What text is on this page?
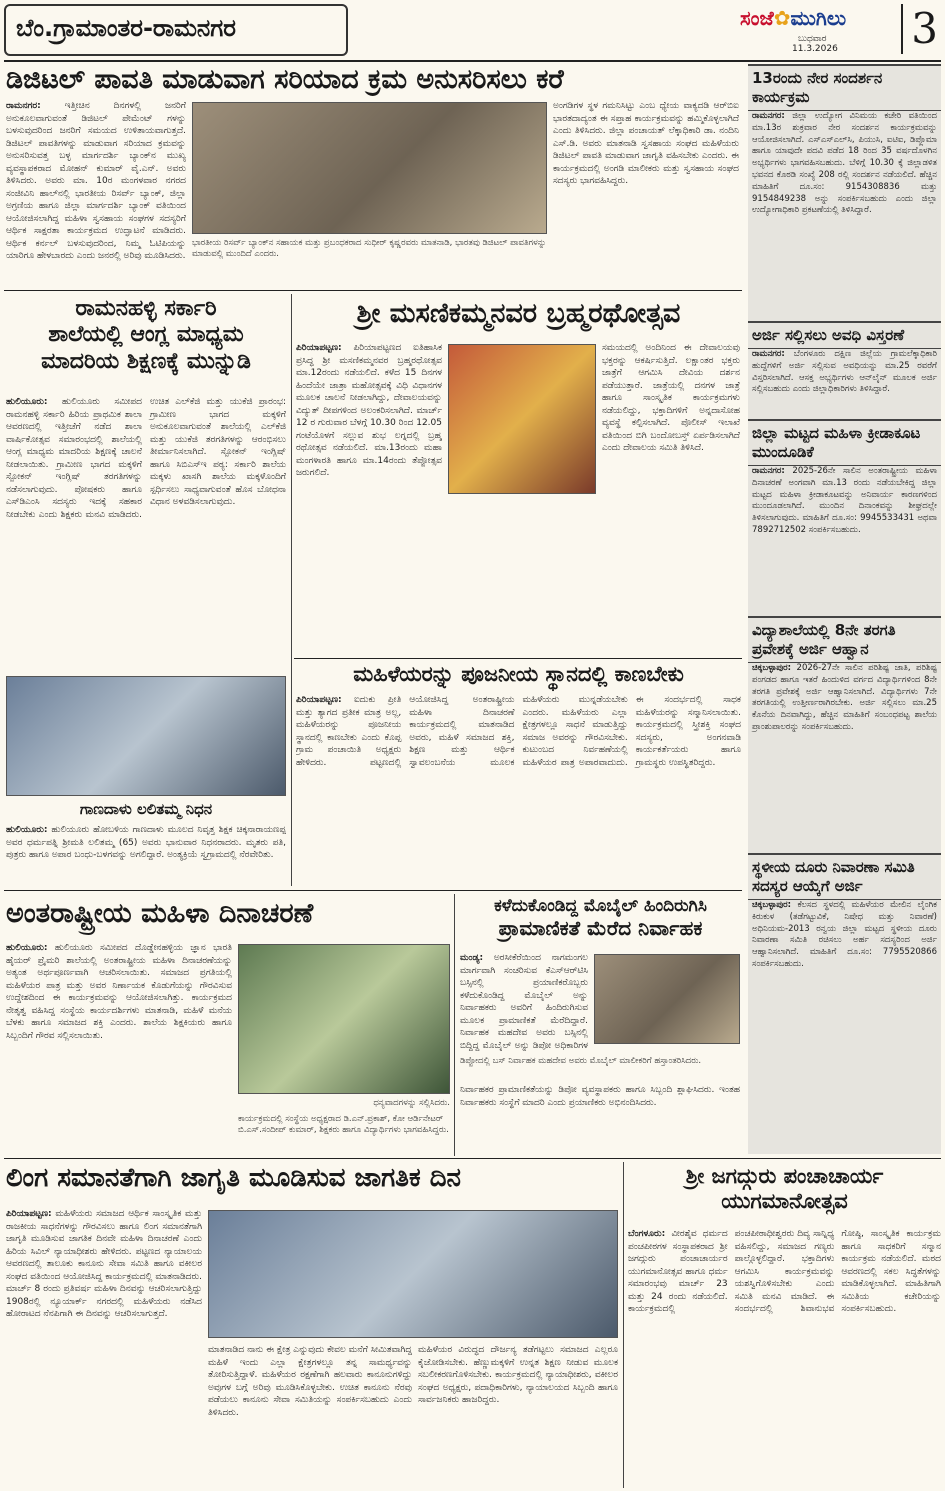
ಬೆಂ.ಗ್ರಾಮಾಂತರ-ರಾಮನಗರ	ಸಂಜೆ✿ಮುಗಿಲು
ಬುಧವಾರ
11.3.2026 3
ಡಿಜಿಟಲ್ ಪಾವತಿ ಮಾಡುವಾಗ ಸರಿಯಾದ ಕ್ರಮ ಅನುಸರಿಸಲು ಕರೆ
ರಾಮನಗರ:	ಇತ್ತೀಚಿನ ದಿನಗಳಲ್ಲಿ ಜನರಿಗೆ ಅನುಕೂಲವಾಗುವಂತೆ ಡಿಜಿಟಲ್ ಪೇಮೆಂಟ್ ಗಳನ್ನು ಬಳಸುವುದರಿಂದ ಜನರಿಗೆ ಸಮಯದ ಉಳಿತಾಯವಾಗುತ್ತದೆ. ಡಿಜಿಟಲ್ ಪಾವತಿಗಳನ್ನು ಮಾಡುವಾಗ ಸರಿಯಾದ ಕ್ರಮವನ್ನು ಅನುಸರಿಸುವತ್ತ ಬಳ್ಳ ಮಾರ್ಗದರ್ಶಿ ಬ್ಯಾಂಕ್‌ನ ಮುಖ್ಯ ವ್ಯವಸ್ಥಾಪಕರಾದ ಮೋಹನ್ ಕುಮಾರ್ ವೈ.ಎನ್. ಅವರು ತಿಳಿಸಿದರು. ಅವರು ಮಾ. 10ರ ಮಂಗಳವಾರ ನಗರದ ಸಂಜೀವಿನಿ ಹಾಲ್‌ನಲ್ಲಿ ಭಾರತೀಯ ರಿಸರ್ವ್ ಬ್ಯಾಂಕ್, ಜಿಲ್ಲಾ ಅಗ್ರಣಿಯ ಹಾಗೂ ಜಿಲ್ಲಾ ಮಾರ್ಗದರ್ಶಿ ಬ್ಯಾಂಕ್ ವತಿಯಿಂದ ಆಯೋಜಿಸಲಾಗಿದ್ದ ಮಹಿಳಾ ಸ್ವಸಹಾಯ ಸಂಘಗಳ ಸದಸ್ಯರಿಗೆ ಆರ್ಥಿಕ ಸಾಕ್ಷರತಾ ಕಾರ್ಯಕ್ರಮದ ಉದ್ಘಾಟನೆ ಮಾಡಿದರು. ಆರ್ಥಿಕ ಕರ್ನಲ್ ಬಳಸುವುದರಿಂದ, ನಿಮ್ಮ ಓಟಿಪಿಯನ್ನು ಯಾರಿಗೂ ಹೇಳಬಾರದು ಎಂದು ಜನರಲ್ಲಿ ಅರಿವು ಮೂಡಿಸಿದರು.
ಭಾರತೀಯ ರಿಸರ್ವ್ ಬ್ಯಾಂಕ್‌ನ ಸಹಾಯಕ ಮತ್ತು ಪ್ರಬಂಧಕರಾದ ಸುಧೀರ್ ಕೃಷ್ಣರವರು ಮಾತನಾಡಿ, ಭಾರತವು ಡಿಜಿಟಲ್ ಪಾವತಿಗಳನ್ನು ಮಾಡುವಲ್ಲಿ ಮುಂದಿದೆ ಎಂದರು.
ಅಂಗಡಿಗಳ ಸ್ಥಳ ಗಮನಿಸಿಟ್ಟು ಎಂಬ ಧ್ಯೇಯ ವಾಕ್ಯದಡಿ ಆರ್‌ಬಿಐ ಭಾರತದಾದ್ಯಂತ ಈ ಸಪ್ತಾಹ ಕಾರ್ಯಕ್ರಮವನ್ನು ಹಮ್ಮಿಕೊಳ್ಳಲಾಗಿದೆ ಎಂದು ತಿಳಿಸಿದರು. ಜಿಲ್ಲಾ ಪಂಚಾಯತ್ ಲೆಕ್ಕಾಧಿಕಾರಿ ಡಾ. ನಂದಿನಿ ಎಸ್.ಡಿ. ಅವರು ಮಾತನಾಡಿ ಸ್ವಸಹಾಯ ಸಂಘದ ಮಹಿಳೆಯರು ಡಿಜಿಟಲ್ ಪಾವತಿ ಮಾಡುವಾಗ ಜಾಗೃತಿ ವಹಿಸಬೇಕು ಎಂದರು. ಈ ಕಾರ್ಯಕ್ರಮದಲ್ಲಿ ಅಂಗಡಿ ಮಾಲೀಕರು ಮತ್ತು ಸ್ವಸಹಾಯ ಸಂಘದ ಸದಸ್ಯರು ಭಾಗವಹಿಸಿದ್ದರು.
ರಾಮನಹಳ್ಳಿ ಸರ್ಕಾರಿ
ಶಾಲೆಯಲ್ಲಿ ಆಂಗ್ಲ ಮಾಧ್ಯಮ
ಮಾದರಿಯ ಶಿಕ್ಷಣಕ್ಕೆ ಮುನ್ನುಡಿ
ಹುಲಿಯೂರು: ಹುಲಿಯೂರು ಸಮೀಪದ ರಾಮನಹಳ್ಳಿ ಸರ್ಕಾರಿ ಹಿರಿಯ ಪ್ರಾಥಮಿಕ ಶಾಲಾ ಆವರಣದಲ್ಲಿ ಇತ್ತೀಚೆಗೆ ನಡೆದ ಶಾಲಾ ವಾರ್ಷಿಕೋತ್ಸವ ಸಮಾರಂಭದಲ್ಲಿ ಶಾಲೆಯಲ್ಲಿ ಆಂಗ್ಲ ಮಾಧ್ಯಮ ಮಾದರಿಯ ಶಿಕ್ಷಣಕ್ಕೆ ಚಾಲನೆ ನೀಡಲಾಯಿತು. ಗ್ರಾಮೀಣ ಭಾಗದ ಮಕ್ಕಳಿಗೆ ಸ್ಪೋಕನ್ ಇಂಗ್ಲಿಷ್ ತರಗತಿಗಳನ್ನು ನಡೆಸಲಾಗುವುದು. ಪೋಷಕರು ಹಾಗೂ ಎಸ್‌ಡಿಎಂಸಿ ಸದಸ್ಯರು ಇದಕ್ಕೆ ಸಹಕಾರ ನೀಡಬೇಕು ಎಂದು ಶಿಕ್ಷಕರು ಮನವಿ ಮಾಡಿದರು. ಉಚಿತ ಎಲ್‌ಕೆಜಿ ಮತ್ತು ಯುಕೆಜಿ ಪ್ರಾರಂಭ: ಗ್ರಾಮೀಣ ಭಾಗದ ಮಕ್ಕಳಿಗೆ ಅನುಕೂಲವಾಗುವಂತೆ ಶಾಲೆಯಲ್ಲಿ ಎಲ್‌ಕೆಜಿ ಮತ್ತು ಯುಕೆಜಿ ತರಗತಿಗಳನ್ನು ಆರಂಭಿಸಲು ತೀರ್ಮಾನಿಸಲಾಗಿದೆ. ಸ್ಪೋಕನ್ ಇಂಗ್ಲಿಷ್ ಹಾಗೂ ಸಿಬಿಎಸ್‌ಇ ಪಠ್ಯ: ಸರ್ಕಾರಿ ಶಾಲೆಯ ಮಕ್ಕಳು ಖಾಸಗಿ ಶಾಲೆಯ ಮಕ್ಕಳೊಂದಿಗೆ ಸ್ಪರ್ಧಿಸಲು ಸಾಧ್ಯವಾಗುವಂತೆ ಹೊಸ ಬೋಧನಾ ವಿಧಾನ ಅಳವಡಿಸಲಾಗುವುದು.
ಗಾಣದಾಳು ಲಲಿತಮ್ಮ ನಿಧನ
ಹುಲಿಯೂರು: ಹುಲಿಯೂರು ಹೋಬಳಿಯ ಗಾಣದಾಳು ಮೂಲದ ನಿವೃತ್ತ ಶಿಕ್ಷಕ ಚಿಕ್ಕನಾರಾಯಣಪ್ಪ ಅವರ ಧರ್ಮಪತ್ನಿ ಶ್ರೀಮತಿ ಲಲಿತಮ್ಮ (65) ಅವರು ಭಾನುವಾರ ನಿಧನರಾದರು. ಮೃತರು ಪತಿ, ಪುತ್ರರು ಹಾಗೂ ಅಪಾರ ಬಂಧು-ಬಳಗವನ್ನು ಅಗಲಿದ್ದಾರೆ. ಅಂತ್ಯಕ್ರಿಯೆ ಸ್ವಗ್ರಾಮದಲ್ಲಿ ನೆರವೇರಿತು.
ಶ್ರೀ ಮಸಣಿಕಮ್ಮನವರ ಬ್ರಹ್ಮರಥೋತ್ಸವ
ಪಿರಿಯಾಪಟ್ಟಣ: ಪಿರಿಯಾಪಟ್ಟಣದ ಐತಿಹಾಸಿಕ ಪ್ರಸಿದ್ಧ ಶ್ರೀ ಮಸಣಿಕಮ್ಮನವರ ಬ್ರಹ್ಮರಥೋತ್ಸವ ಮಾ.12ರಂದು ನಡೆಯಲಿದೆ. ಕಳೆದ 15 ದಿನಗಳ ಹಿಂದೆಯೇ ಜಾತ್ರಾ ಮಹೋತ್ಸವಕ್ಕೆ ವಿಧಿ ವಿಧಾನಗಳ ಮೂಲಕ ಚಾಲನೆ ನೀಡಲಾಗಿದ್ದು, ದೇವಾಲಯವನ್ನು ವಿದ್ಯುತ್ ದೀಪಗಳಿಂದ ಅಲಂಕರಿಸಲಾಗಿದೆ. ಮಾರ್ಚ್ 12 ರ ಗುರುವಾರ ಬೆಳಗ್ಗೆ 10.30 ರಿಂದ 12.05 ಗಂಟೆಯೊಳಗೆ ಸಲ್ಲುವ ಶುಭ ಲಗ್ನದಲ್ಲಿ ಬ್ರಹ್ಮ ರಥೋತ್ಸವ ನಡೆಯಲಿದೆ. ಮಾ.13ರಂದು ಮಹಾ ಮಂಗಳಾರತಿ ಹಾಗೂ ಮಾ.14ರಂದು ತೆಪ್ಪೋತ್ಸವ ಜರುಗಲಿದೆ.
ಸಮಯದಲ್ಲಿ ಅಂದಿನಿಂದ ಈ ದೇವಾಲಯವು ಭಕ್ತರನ್ನು ಆಕರ್ಷಿಸುತ್ತಿದೆ. ಲಕ್ಷಾಂತರ ಭಕ್ತರು ಜಾತ್ರೆಗೆ ಆಗಮಿಸಿ ದೇವಿಯ ದರ್ಶನ ಪಡೆಯುತ್ತಾರೆ. ಜಾತ್ರೆಯಲ್ಲಿ ದನಗಳ ಜಾತ್ರೆ ಹಾಗೂ ಸಾಂಸ್ಕೃತಿಕ ಕಾರ್ಯಕ್ರಮಗಳು ನಡೆಯಲಿದ್ದು, ಭಕ್ತಾದಿಗಳಿಗೆ ಅನ್ನದಾಸೋಹ ವ್ಯವಸ್ಥೆ ಕಲ್ಪಿಸಲಾಗಿದೆ. ಪೊಲೀಸ್ ಇಲಾಖೆ ವತಿಯಿಂದ ಬಿಗಿ ಬಂದೋಬಸ್ತ್ ಏರ್ಪಡಿಸಲಾಗಿದೆ ಎಂದು ದೇವಾಲಯ ಸಮಿತಿ ತಿಳಿಸಿದೆ.
ಮಹಿಳೆಯರನ್ನು ಪೂಜನೀಯ ಸ್ಥಾನದಲ್ಲಿ ಕಾಣಬೇಕು
ಪಿರಿಯಾಪಟ್ಟಣ: ಐದುಕು ಪ್ರೀತಿ ಮತ್ತು ತ್ಯಾಗದ ಪ್ರತೀಕ ಮಾತ್ರ ಅಲ್ಲ, ಮಹಿಳೆಯರನ್ನು ಪೂಜನೀಯ ಸ್ಥಾನದಲ್ಲಿ ಕಾಣಬೇಕು ಎಂದು ಕೊಪ್ಪ ಗ್ರಾಮ ಪಂಚಾಯಿತಿ ಅಧ್ಯಕ್ಷರು ಹೇಳಿದರು. ಪಟ್ಟಣದಲ್ಲಿ ಆಯೋಜಿಸಿದ್ದ ಅಂತರಾಷ್ಟ್ರೀಯ ಮಹಿಳಾ ದಿನಾಚರಣೆ ಕಾರ್ಯಕ್ರಮದಲ್ಲಿ ಮಾತನಾಡಿದ ಅವರು, ಮಹಿಳೆ ಸಮಾಜದ ಶಕ್ತಿ, ಶಿಕ್ಷಣ ಮತ್ತು ಆರ್ಥಿಕ ಸ್ವಾವಲಂಬನೆಯ ಮೂಲಕ ಮಹಿಳೆಯರು ಮುನ್ನಡೆಯಬೇಕು ಎಂದರು. ಮಹಿಳೆಯರು ಎಲ್ಲಾ ಕ್ಷೇತ್ರಗಳಲ್ಲೂ ಸಾಧನೆ ಮಾಡುತ್ತಿದ್ದು ಸಮಾಜ ಅವರನ್ನು ಗೌರವಿಸಬೇಕು. ಕುಟುಂಬದ ನಿರ್ವಹಣೆಯಲ್ಲಿ ಮಹಿಳೆಯರ ಪಾತ್ರ ಅಪಾರವಾದುದು. ಈ ಸಂದರ್ಭದಲ್ಲಿ ಸಾಧಕ ಮಹಿಳೆಯರನ್ನು ಸನ್ಮಾನಿಸಲಾಯಿತು. ಕಾರ್ಯಕ್ರಮದಲ್ಲಿ ಸ್ತ್ರೀಶಕ್ತಿ ಸಂಘದ ಸದಸ್ಯರು, ಅಂಗನವಾಡಿ ಕಾರ್ಯಕರ್ತೆಯರು ಹಾಗೂ ಗ್ರಾಮಸ್ಥರು ಉಪಸ್ಥಿತರಿದ್ದರು.
ಅಂತರಾಷ್ಟ್ರೀಯ ಮಹಿಳಾ ದಿನಾಚರಣೆ
ಹುಲಿಯೂರು: ಹುಲಿಯೂರು ಸಮೀಪದ ದೊಡ್ಡೇನಹಳ್ಳಿಯ ಜ್ಞಾನ ಭಾರತಿ ಹೈಯರ್ ಪ್ರೈಮರಿ ಶಾಲೆಯಲ್ಲಿ ಅಂತರಾಷ್ಟ್ರೀಯ ಮಹಿಳಾ ದಿನಾಚರಣೆಯನ್ನು ಅತ್ಯಂತ ಅರ್ಥಪೂರ್ಣವಾಗಿ ಆಚರಿಸಲಾಯಿತು. ಸಮಾಜದ ಪ್ರಗತಿಯಲ್ಲಿ ಮಹಿಳೆಯರ ಪಾತ್ರ ಮತ್ತು ಅವರ ನಿರ್ಣಾಯಕ ಕೊಡುಗೆಯನ್ನು ಗೌರವಿಸುವ ಉದ್ದೇಶದಿಂದ ಈ ಕಾರ್ಯಕ್ರಮವನ್ನು ಆಯೋಜಿಸಲಾಗಿತ್ತು. ಕಾರ್ಯಕ್ರಮದ ನೇತೃತ್ವ ವಹಿಸಿದ್ದ ಸಂಸ್ಥೆಯ ಕಾರ್ಯದರ್ಶಿಗಳು ಮಾತನಾಡಿ, ಮಹಿಳೆ ಮನೆಯ ಬೆಳಕು ಹಾಗೂ ಸಮಾಜದ ಶಕ್ತಿ ಎಂದರು. ಶಾಲೆಯ ಶಿಕ್ಷಕಿಯರು ಹಾಗೂ ಸಿಬ್ಬಂದಿಗೆ ಗೌರವ ಸಲ್ಲಿಸಲಾಯಿತು.
ಧನ್ಯವಾದಗಳನ್ನು ಸಲ್ಲಿಸಿದರು.
ಕಾರ್ಯಕ್ರಮದಲ್ಲಿ ಸಂಸ್ಥೆಯ ಅಧ್ಯಕ್ಷರಾದ ಡಿ.ಎನ್.ಪ್ರಕಾಶ್, ಕೋ ಆರ್ಡಿನೇಟರ್ ಬಿ.ಎಸ್.ಸಂದೀಪ್ ಕುಮಾರ್, ಶಿಕ್ಷಕರು ಹಾಗೂ ವಿದ್ಯಾರ್ಥಿಗಳು ಭಾಗವಹಿಸಿದ್ದರು.
ಕಳೆದುಕೊಂಡಿದ್ದ ಮೊಬೈಲ್ ಹಿಂದಿರುಗಿಸಿ
ಪ್ರಾಮಾಣಿಕತೆ ಮೆರೆದ ನಿರ್ವಾಹಕ
ಮಂಡ್ಯ: ಅರಸೀಕೆರೆಯಿಂದ ನಾಗಮಂಗಲ ಮಾರ್ಗವಾಗಿ ಸಂಚರಿಸುವ ಕೆಎಸ್‌ಆರ್‌ಟಿಸಿ ಬಸ್ಸಿನಲ್ಲಿ ಪ್ರಯಾಣಿಕರೊಬ್ಬರು ಕಳೆದುಕೊಂಡಿದ್ದ ಮೊಬೈಲ್ ಅನ್ನು ನಿರ್ವಾಹಕರು ಅವರಿಗೆ ಹಿಂದಿರುಗಿಸುವ ಮೂಲಕ ಪ್ರಾಮಾಣಿಕತೆ ಮೆರೆದಿದ್ದಾರೆ. ನಿರ್ವಾಹಕ ಮಹದೇವ ಅವರು ಬಸ್ಸಿನಲ್ಲಿ ಬಿದ್ದಿದ್ದ ಮೊಬೈಲ್ ಅನ್ನು ಡಿಪೋ ಅಧಿಕಾರಿಗಳ
ಡಿಪ್ಪೋದಲ್ಲಿ ಬಸ್ ನಿರ್ವಾಹಕ ಮಹದೇವ ಅವರು ಮೊಬೈಲ್ ಮಾಲೀಕರಿಗೆ ಹಸ್ತಾಂತರಿಸಿದರು.
ನಿರ್ವಾಹಕರ ಪ್ರಾಮಾಣಿಕತೆಯನ್ನು ಡಿಪೋ ವ್ಯವಸ್ಥಾಪಕರು ಹಾಗೂ ಸಿಬ್ಬಂದಿ ಶ್ಲಾಘಿಸಿದರು. ಇಂತಹ ನಿರ್ವಾಹಕರು ಸಂಸ್ಥೆಗೆ ಮಾದರಿ ಎಂದು ಪ್ರಯಾಣಿಕರು ಅಭಿನಂದಿಸಿದರು.
13ರಂದು ನೇರ ಸಂದರ್ಶನ ಕಾರ್ಯಕ್ರಮ
ರಾಮನಗರ: ಜಿಲ್ಲಾ ಉದ್ಯೋಗ ವಿನಿಮಯ ಕಚೇರಿ ವತಿಯಿಂದ ಮಾ.13ರ ಶುಕ್ರವಾರ ನೇರ ಸಂದರ್ಶನ ಕಾರ್ಯಕ್ರಮವನ್ನು ಆಯೋಜಿಸಲಾಗಿದೆ. ಎಸ್‌ಎಸ್‌ಎಲ್‌ಸಿ, ಪಿಯುಸಿ, ಐಟಿಐ, ಡಿಪ್ಲೊಮಾ ಹಾಗೂ ಯಾವುದೇ ಪದವಿ ಪಡೆದ 18 ರಿಂದ 35 ವರ್ಷದೊಳಗಿನ ಅಭ್ಯರ್ಥಿಗಳು ಭಾಗವಹಿಸಬಹುದು. ಬೆಳಿಗ್ಗೆ 10.30 ಕ್ಕೆ ಜಿಲ್ಲಾಡಳಿತ ಭವನದ ಕೊಠಡಿ ಸಂಖ್ಯೆ 208 ರಲ್ಲಿ ಸಂದರ್ಶನ ನಡೆಯಲಿದೆ. ಹೆಚ್ಚಿನ ಮಾಹಿತಿಗೆ ದೂ.ಸಂ: 9154308836 ಮತ್ತು 9154849238 ಅನ್ನು ಸಂಪರ್ಕಿಸಬಹುದು ಎಂದು ಜಿಲ್ಲಾ ಉದ್ಯೋಗಾಧಿಕಾರಿ ಪ್ರಕಟಣೆಯಲ್ಲಿ ತಿಳಿಸಿದ್ದಾರೆ.
ಅರ್ಜಿ ಸಲ್ಲಿಸಲು ಅವಧಿ ವಿಸ್ತರಣೆ
ರಾಮನಗರ: ಬೆಂಗಳೂರು ದಕ್ಷಿಣ ಜಿಲ್ಲೆಯ ಗ್ರಾಮಲೆಕ್ಕಾಧಿಕಾರಿ ಹುದ್ದೆಗಳಿಗೆ ಅರ್ಜಿ ಸಲ್ಲಿಸುವ ಅವಧಿಯನ್ನು ಮಾ.25 ರವರೆಗೆ ವಿಸ್ತರಿಸಲಾಗಿದೆ. ಆಸಕ್ತ ಅಭ್ಯರ್ಥಿಗಳು ಆನ್‌ಲೈನ್ ಮೂಲಕ ಅರ್ಜಿ ಸಲ್ಲಿಸಬಹುದು ಎಂದು ಜಿಲ್ಲಾಧಿಕಾರಿಗಳು ತಿಳಿಸಿದ್ದಾರೆ.
ಜಿಲ್ಲಾ ಮಟ್ಟದ ಮಹಿಳಾ ಕ್ರೀಡಾಕೂಟ ಮುಂದೂಡಿಕೆ
ರಾಮನಗರ: 2025-26ನೇ ಸಾಲಿನ ಅಂತರಾಷ್ಟ್ರೀಯ ಮಹಿಳಾ ದಿನಾಚರಣೆ ಅಂಗವಾಗಿ ಮಾ.13 ರಂದು ನಡೆಯಬೇಕಿದ್ದ ಜಿಲ್ಲಾ ಮಟ್ಟದ ಮಹಿಳಾ ಕ್ರೀಡಾಕೂಟವನ್ನು ಅನಿವಾರ್ಯ ಕಾರಣಗಳಿಂದ ಮುಂದೂಡಲಾಗಿದೆ. ಮುಂದಿನ ದಿನಾಂಕವನ್ನು ಶೀಘ್ರದಲ್ಲೇ ತಿಳಿಸಲಾಗುವುದು. ಮಾಹಿತಿಗೆ ದೂ.ಸಂ: 9945533431 ಅಥವಾ 7892712502 ಸಂಪರ್ಕಿಸಬಹುದು.
ವಿದ್ಯಾಶಾಲೆಯಲ್ಲಿ 8ನೇ ತರಗತಿ ಪ್ರವೇಶಕ್ಕೆ ಅರ್ಜಿ ಆಹ್ವಾನ
ಚಿಕ್ಕಬಳ್ಳಾಪುರ: 2026-27ನೇ ಸಾಲಿನ ಪರಿಶಿಷ್ಟ ಜಾತಿ, ಪರಿಶಿಷ್ಟ ಪಂಗಡದ ಹಾಗೂ ಇತರೆ ಹಿಂದುಳಿದ ವರ್ಗದ ವಿದ್ಯಾರ್ಥಿಗಳಿಂದ 8ನೇ ತರಗತಿ ಪ್ರವೇಶಕ್ಕೆ ಅರ್ಜಿ ಆಹ್ವಾನಿಸಲಾಗಿದೆ. ವಿದ್ಯಾರ್ಥಿಗಳು 7ನೇ ತರಗತಿಯಲ್ಲಿ ಉತ್ತೀರ್ಣರಾಗಿರಬೇಕು. ಅರ್ಜಿ ಸಲ್ಲಿಸಲು ಮಾ.25 ಕೊನೆಯ ದಿನವಾಗಿದ್ದು, ಹೆಚ್ಚಿನ ಮಾಹಿತಿಗೆ ಸಂಬಂಧಪಟ್ಟ ಶಾಲೆಯ ಪ್ರಾಂಶುಪಾಲರನ್ನು ಸಂಪರ್ಕಿಸಬಹುದು.
ಸ್ಥಳೀಯ ದೂರು ನಿವಾರಣಾ ಸಮಿತಿ ಸದಸ್ಯರ ಆಯ್ಕೆಗೆ ಅರ್ಜಿ
ಚಿಕ್ಕಬಳ್ಳಾಪುರ: ಕೆಲಸದ ಸ್ಥಳದಲ್ಲಿ ಮಹಿಳೆಯರ ಮೇಲಿನ ಲೈಂಗಿಕ ಕಿರುಕುಳ (ತಡೆಗಟ್ಟುವಿಕೆ, ನಿಷೇಧ ಮತ್ತು ನಿವಾರಣೆ) ಅಧಿನಿಯಮ-2013 ರನ್ವಯ ಜಿಲ್ಲಾ ಮಟ್ಟದ ಸ್ಥಳೀಯ ದೂರು ನಿವಾರಣಾ ಸಮಿತಿ ರಚಿಸಲು ಅರ್ಹ ಸದಸ್ಯರಿಂದ ಅರ್ಜಿ ಆಹ್ವಾನಿಸಲಾಗಿದೆ. ಮಾಹಿತಿಗೆ ದೂ.ಸಂ: 7795520866 ಸಂಪರ್ಕಿಸಬಹುದು.
ಲಿಂಗ ಸಮಾನತೆಗಾಗಿ ಜಾಗೃತಿ ಮೂಡಿಸುವ ಜಾಗತಿಕ ದಿನ
ಪಿರಿಯಾಪಟ್ಟಣ: ಮಹಿಳೆಯರು ಸಮಾಜದ ಆರ್ಥಿಕ ಸಾಂಸ್ಕೃತಿಕ ಮತ್ತು ರಾಜಕೀಯ ಸಾಧನೆಗಳನ್ನು ಗೌರವಿಸಲು ಹಾಗೂ ಲಿಂಗ ಸಮಾನತೆಗಾಗಿ ಜಾಗೃತಿ ಮೂಡಿಸುವ ಜಾಗತಿಕ ದಿನವೇ ಮಹಿಳಾ ದಿನಾಚರಣೆ ಎಂದು ಹಿರಿಯ ಸಿವಿಲ್ ನ್ಯಾಯಾಧೀಶರು ಹೇಳಿದರು. ಪಟ್ಟಣದ ನ್ಯಾಯಾಲಯ ಆವರಣದಲ್ಲಿ ತಾಲೂಕು ಕಾನೂನು ಸೇವಾ ಸಮಿತಿ ಹಾಗೂ ವಕೀಲರ ಸಂಘದ ವತಿಯಿಂದ ಆಯೋಜಿಸಿದ್ದ ಕಾರ್ಯಕ್ರಮದಲ್ಲಿ ಮಾತನಾಡಿದರು. ಮಾರ್ಚ್ 8 ರಂದು ಪ್ರತಿವರ್ಷ ಮಹಿಳಾ ದಿನವನ್ನು ಆಚರಿಸಲಾಗುತ್ತಿದ್ದು 1908ರಲ್ಲಿ ನ್ಯೂಯಾರ್ಕ್ ನಗರದಲ್ಲಿ ಮಹಿಳೆಯರು ನಡೆಸಿದ ಹೋರಾಟದ ನೆನಪಿಗಾಗಿ ಈ ದಿನವನ್ನು ಆಚರಿಸಲಾಗುತ್ತದೆ.
ಮಾತನಾಡಿದ ನಾನು ಈ ಕ್ಷೇತ್ರ ಎನ್ನುವುದು ಕೇವಲ ಮನೆಗೆ ಸೀಮಿತವಾಗಿದ್ದ ಮಹಿಳೆ ಇಂದು ಎಲ್ಲಾ ಕ್ಷೇತ್ರಗಳಲ್ಲೂ ತನ್ನ ಸಾಮರ್ಥ್ಯವನ್ನು ತೋರಿಸುತ್ತಿದ್ದಾಳೆ. ಮಹಿಳೆಯರ ರಕ್ಷಣೆಗಾಗಿ ಹಲವಾರು ಕಾನೂನುಗಳಿದ್ದು ಅವುಗಳ ಬಗ್ಗೆ ಅರಿವು ಮೂಡಿಸಿಕೊಳ್ಳಬೇಕು. ಉಚಿತ ಕಾನೂನು ನೆರವು ಪಡೆಯಲು ಕಾನೂನು ಸೇವಾ ಸಮಿತಿಯನ್ನು ಸಂಪರ್ಕಿಸಬಹುದು ಎಂದು ತಿಳಿಸಿದರು.
ಮಹಿಳೆಯರ ವಿರುದ್ಧದ ದೌರ್ಜನ್ಯ ತಡೆಗಟ್ಟಲು ಸಮಾಜದ ಎಲ್ಲರೂ ಕೈಜೋಡಿಸಬೇಕು. ಹೆಣ್ಣುಮಕ್ಕಳಿಗೆ ಉನ್ನತ ಶಿಕ್ಷಣ ನೀಡುವ ಮೂಲಕ ಸಬಲೀಕರಣಗೊಳಿಸಬೇಕು. ಕಾರ್ಯಕ್ರಮದಲ್ಲಿ ನ್ಯಾಯಾಧೀಶರು, ವಕೀಲರ ಸಂಘದ ಅಧ್ಯಕ್ಷರು, ಪದಾಧಿಕಾರಿಗಳು, ನ್ಯಾಯಾಲಯದ ಸಿಬ್ಬಂದಿ ಹಾಗೂ ಸಾರ್ವಜನಿಕರು ಹಾಜರಿದ್ದರು.
ಶ್ರೀ ಜಗದ್ಗುರು ಪಂಚಾಚಾರ್ಯ
ಯುಗಮಾನೋತ್ಸವ
ಬೆಂಗಳೂರು: ವೀರಶೈವ ಧರ್ಮದ ಪಂಚಪೀಠಗಳ ಸಂಸ್ಥಾಪಕರಾದ ಶ್ರೀ ಜಗದ್ಗುರು ಪಂಚಾಚಾರ್ಯರ ಯುಗಮಾನೋತ್ಸವ ಹಾಗೂ ಧರ್ಮ ಸಮಾರಂಭವು ಮಾರ್ಚ್ 23 ಮತ್ತು 24 ರಂದು ನಡೆಯಲಿದೆ. ಕಾರ್ಯಕ್ರಮದಲ್ಲಿ ಪಂಚಪೀಠಾಧೀಶ್ವರರು ದಿವ್ಯ ಸಾನ್ನಿಧ್ಯ ವಹಿಸಲಿದ್ದು, ಸಮಾಜದ ಗಣ್ಯರು ಪಾಲ್ಗೊಳ್ಳಲಿದ್ದಾರೆ. ಭಕ್ತಾದಿಗಳು ಆಗಮಿಸಿ ಕಾರ್ಯಕ್ರಮವನ್ನು ಯಶಸ್ವಿಗೊಳಿಸಬೇಕು ಎಂದು ಸಮಿತಿ ಮನವಿ ಮಾಡಿದೆ. ಈ ಸಂದರ್ಭದಲ್ಲಿ ಶಿವಾನುಭವ ಗೋಷ್ಠಿ, ಸಾಂಸ್ಕೃತಿಕ ಕಾರ್ಯಕ್ರಮ ಹಾಗೂ ಸಾಧಕರಿಗೆ ಸನ್ಮಾನ ಕಾರ್ಯಕ್ರಮ ನಡೆಯಲಿದೆ. ಮಠದ ಆವರಣದಲ್ಲಿ ಸಕಲ ಸಿದ್ಧತೆಗಳನ್ನು ಮಾಡಿಕೊಳ್ಳಲಾಗಿದೆ. ಮಾಹಿತಿಗಾಗಿ ಸಮಿತಿಯ ಕಚೇರಿಯನ್ನು ಸಂಪರ್ಕಿಸಬಹುದು.
